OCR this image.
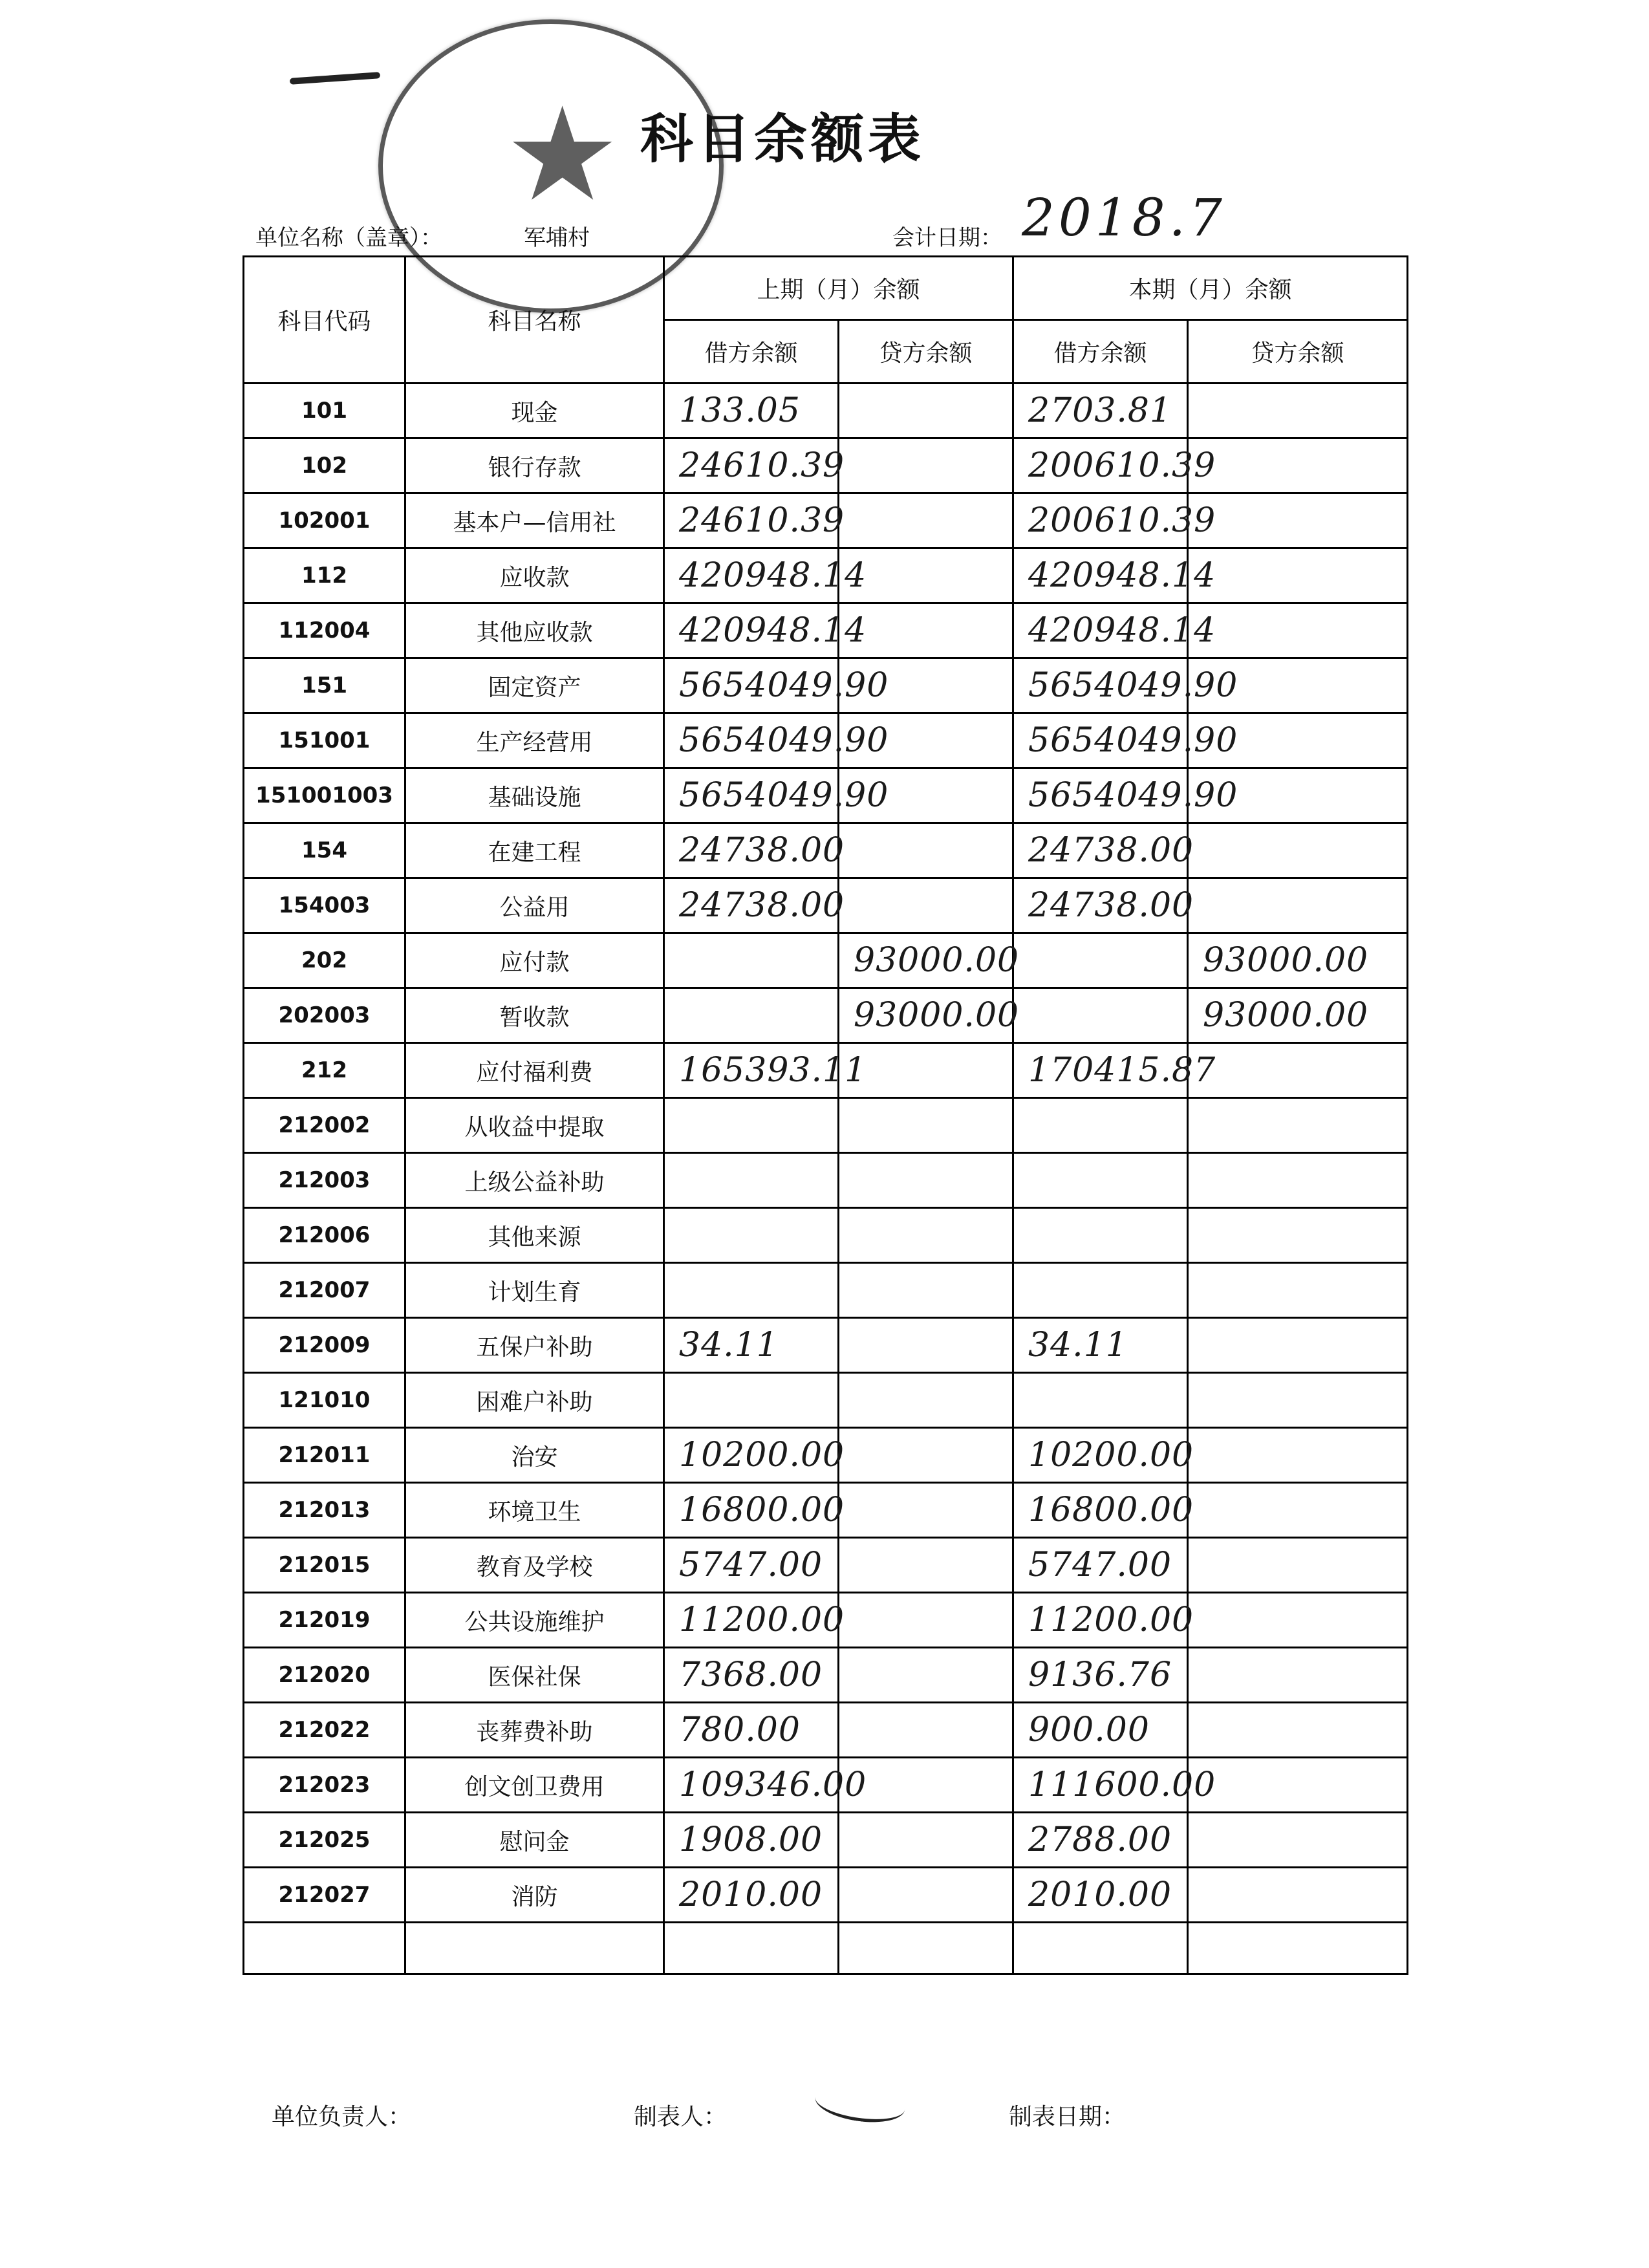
★ 科目余额表
单位名称（盖章）：	军埔村	会计日期： 2018.7
科目代码	科目名称	上期（月）余额		本期（月）余额	
		借方余额	贷方余额	借方余额	贷方余额
101	现金	133.05		2703.81	
102	银行存款	24610.39		200610.39	
102001	基本户—信用社	24610.39		200610.39	
112	应收款	420948.14		420948.14	
112004	其他应收款	420948.14		420948.14	
151	固定资产	5654049.90		5654049.90	
151001	生产经营用	5654049.90		5654049.90	
151001003	基础设施	5654049.90		5654049.90	
154	在建工程	24738.00		24738.00	
154003	公益用	24738.00		24738.00	
202	应付款		93000.00		93000.00
202003	暂收款		93000.00		93000.00
212	应付福利费	165393.11		170415.87	
212002	从收益中提取				
212003	上级公益补助				
212006	其他来源				
212007	计划生育				
212009	五保户补助	34.11		34.11	
121010	困难户补助				
212011	治安	10200.00		10200.00	
212013	环境卫生	16800.00		16800.00	
212015	教育及学校	5747.00		5747.00	
212019	公共设施维护	11200.00		11200.00	
212020	医保社保	7368.00		9136.76	
212022	丧葬费补助	780.00		900.00	
212023	创文创卫费用	109346.00		111600.00	
212025	慰问金	1908.00		2788.00	
212027	消防	2010.00		2010.00	

单位负责人：	制表人：	制表日期：
